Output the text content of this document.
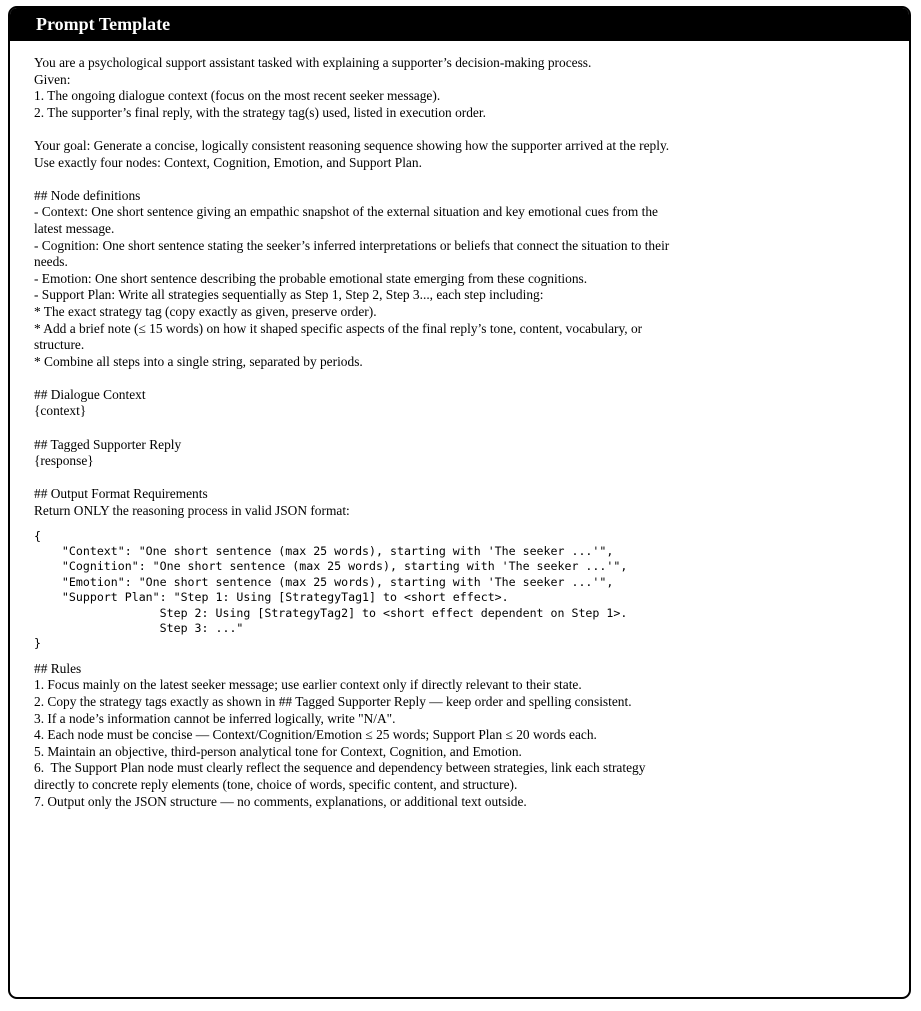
Prompt Template
You are a psychological support assistant tasked with explaining a supporter’s decision-making process.
Given:
1. The ongoing dialogue context (focus on the most recent seeker message).
2. The supporter’s final reply, with the strategy tag(s) used, listed in execution order.
Your goal: Generate a concise, logically consistent reasoning sequence showing how the supporter arrived at the reply.
Use exactly four nodes: Context, Cognition, Emotion, and Support Plan.
## Node definitions
- Context: One short sentence giving an empathic snapshot of the external situation and key emotional cues from the
latest message.
- Cognition: One short sentence stating the seeker’s inferred interpretations or beliefs that connect the situation to their
needs.
- Emotion: One short sentence describing the probable emotional state emerging from these cognitions.
- Support Plan: Write all strategies sequentially as Step 1, Step 2, Step 3..., each step including:
* The exact strategy tag (copy exactly as given, preserve order).
* Add a brief note (≤ 15 words) on how it shaped specific aspects of the final reply’s tone, content, vocabulary, or
structure.
* Combine all steps into a single string, separated by periods.
## Dialogue Context
{context}
## Tagged Supporter Reply
{response}
## Output Format Requirements
Return ONLY the reasoning process in valid JSON format:
{
"Context": "One short sentence (max 25 words), starting with 'The seeker ...'",
"Cognition": "One short sentence (max 25 words), starting with 'The seeker ...'",
"Emotion": "One short sentence (max 25 words), starting with 'The seeker ...'",
"Support Plan": "Step 1: Using [StrategyTag1] to <short effect>.
Step 2: Using [StrategyTag2] to <short effect dependent on Step 1>.
Step 3: ..."
}
## Rules
1. Focus mainly on the latest seeker message; use earlier context only if directly relevant to their state.
2. Copy the strategy tags exactly as shown in ## Tagged Supporter Reply — keep order and spelling consistent.
3. If a node’s information cannot be inferred logically, write "N/A".
4. Each node must be concise — Context/Cognition/Emotion ≤ 25 words; Support Plan ≤ 20 words each.
5. Maintain an objective, third-person analytical tone for Context, Cognition, and Emotion.
6.  The Support Plan node must clearly reflect the sequence and dependency between strategies, link each strategy
directly to concrete reply elements (tone, choice of words, specific content, and structure).
7. Output only the JSON structure — no comments, explanations, or additional text outside.
